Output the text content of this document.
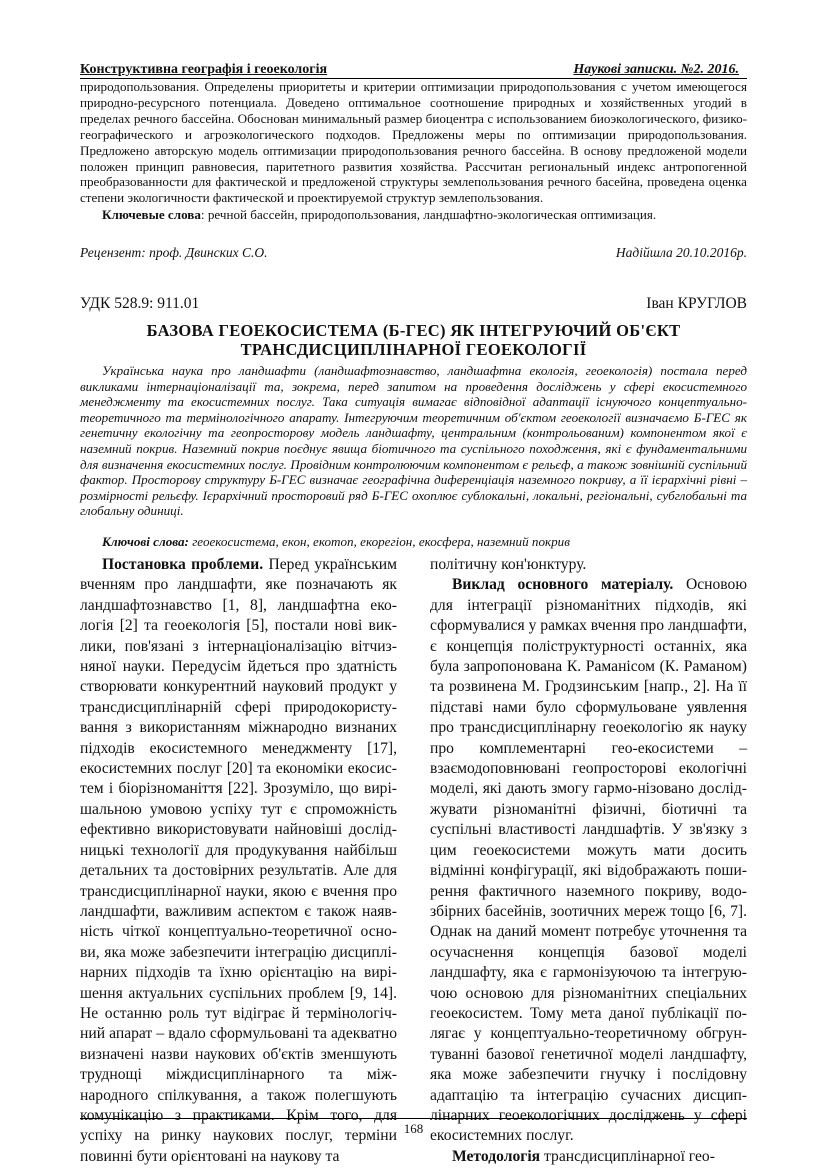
Конструктивна географія і геоекологія	Наукові записки. №2. 2016.

природопользования. Определены приоритеты и критерии оптимизации природопользования с учетом имеющегося природно-ресурсного потенциала. Доведено оптимальное соотношение природных и хозяйственных угодий в пределах речного бассейна. Обоснован минимальный размер биоцентра с использованием биоэкологического, физико-географического и агроэкологического подходов. Предложены меры по оптимизации природопользования. Предложено авторскую модель оптимизации природопользования речного бассейна. В основу предложеной модели положен принцип равновесия, паритетного развития хозяйства. Рассчитан региональный индекс антропогенной преобразованности для фактической и предложеной структуры землепользования речного басейна, проведена оценка степени экологичности фактической и проектируемой структур землепользования.

Ключевые слова: речной бассейн, природопользования, ландшафтно-экологическая оптимизация.

Рецензент: проф. Двинских С.О.	Надійшла 20.10.2016р.
УДК 528.9: 911.01	Іван КРУГЛОВ
БАЗОВА ГЕОЕКОСИСТЕМА (Б-ГЕС) ЯК ІНТЕГРУЮЧИЙ ОБ'ЄКТ
ТРАНСДИСЦИПЛІНАРНОЇ ГЕОЕКОЛОГІЇ
Українська наука про ландшафти (ландшафтознавство, ландшафтна екологія, геоекологія) постала перед викликами інтернаціоналізації та, зокрема, перед запитом на проведення досліджень у сфері екосистемного менеджменту та екосистемних послуг. Така ситуація вимагає відповідної адаптації існуючого концептуально-теоретичного та термінологічного апарату. Інтегруючим теоретичним об'єктом геоекології визначаємо Б-ГЕС як генетичну екологічну та геопросторову модель ландшафту, центральним (контрольованим) компонентом якої є наземний покрив. Наземний покрив поєднує явища біотичного та суспільного походження, які є фундаментальними для визначення екосистемних послуг. Провідним контролюючим компонентом є рельєф, а також зовнішній суспільний фактор. Просторову структуру Б-ГЕС визначає географічна диференціація наземного покриву, а її ієрархічні рівні – розмірності рельєфу. Ієрархічний просторовий ряд Б-ГЕС охоплює сублокальні, локальні, регіональні, субглобальні та глобальну одиниці.
Ключові слова: геоекосистема, екон, екотоп, екорегіон, екосфера, наземний покрив

Постановка проблеми. Перед українським вченням про ландшафти, яке позначають як ландшафтознавство [1, 8], ландшафтна екологія [2] та геоекологія [5], постали нові виклики, пов'язані з інтернаціоналізацію вітчизняної науки. Передусім йдеться про здатність створювати конкурентний науковий продукт у трансдисциплінарній сфері природокористування з використанням міжнародно визнаних підходів екосистемного менеджменту [17], екосистемних послуг [20] та економіки екосистем і біорізноманіття [22]. Зрозуміло, що вирішальною умовою успіху тут є спроможність ефективно використовувати найновіші дослідницькі технології для продукування найбільш детальних та достовірних результатів. Але для трансдисциплінарної науки, якою є вчення про ландшафти, важливим аспектом є також наявність чіткої концептуально-теоретичної основи, яка може забезпечити інтеграцію дисциплінарних підходів та їхню орієнтацію на вирішення актуальних суспільних проблем [9, 14]. Не останню роль тут відіграє й термінологічний апарат – вдало сформульовані та адекватно визначені назви наукових об'єктів зменшують труднощі міждисциплінарного та міжнародного спілкування, а також полегшують комунікацію з практиками. Крім того, для успіху на ринку наукових послуг, терміни повинні бути орієнтовані на наукову та

політичну кон'юнктуру.

Виклад основного матеріалу. Основою для інтеграції різноманітних підходів, які сформувалися у рамках вчення про ландшафти, є концепція поліструктурності останніх, яка була запропонована К. Раманісом (К. Раманом) та розвинена М. Гродзинським [напр., 2]. На її підставі нами було сформульоване уявлення про трансдисциплінарну геоекологію як науку про комплементарні гео-екосистеми – взаємодоповнювані геопросторові екологічні моделі, які дають змогу гармо-нізовано досліджувати різноманітні фізичні, біотичні та суспільні властивості ландшафтів. У зв'язку з цим геоекосистеми можуть мати досить відмінні конфігурації, які відображають поширення фактичного наземного покриву, водозбірних басейнів, зоотичних мереж тощо [6, 7]. Однак на даний момент потребує уточнення та осучаснення концепція базової моделі ландшафту, яка є гармонізуючою та інтегруючою основою для різноманітних спеціальних геоекосистем. Тому мета даної публікації полягає у концептуально-теоретичному обгрунтуванні базової генетичної моделі ландшафту, яка може забезпечити гнучку і послідовну адаптацію та інтеграцію сучасних дисциплінарних геоекологічних досліджень у сфері екосистемних послуг.

Методологія трансдисциплінарної гео-

168
